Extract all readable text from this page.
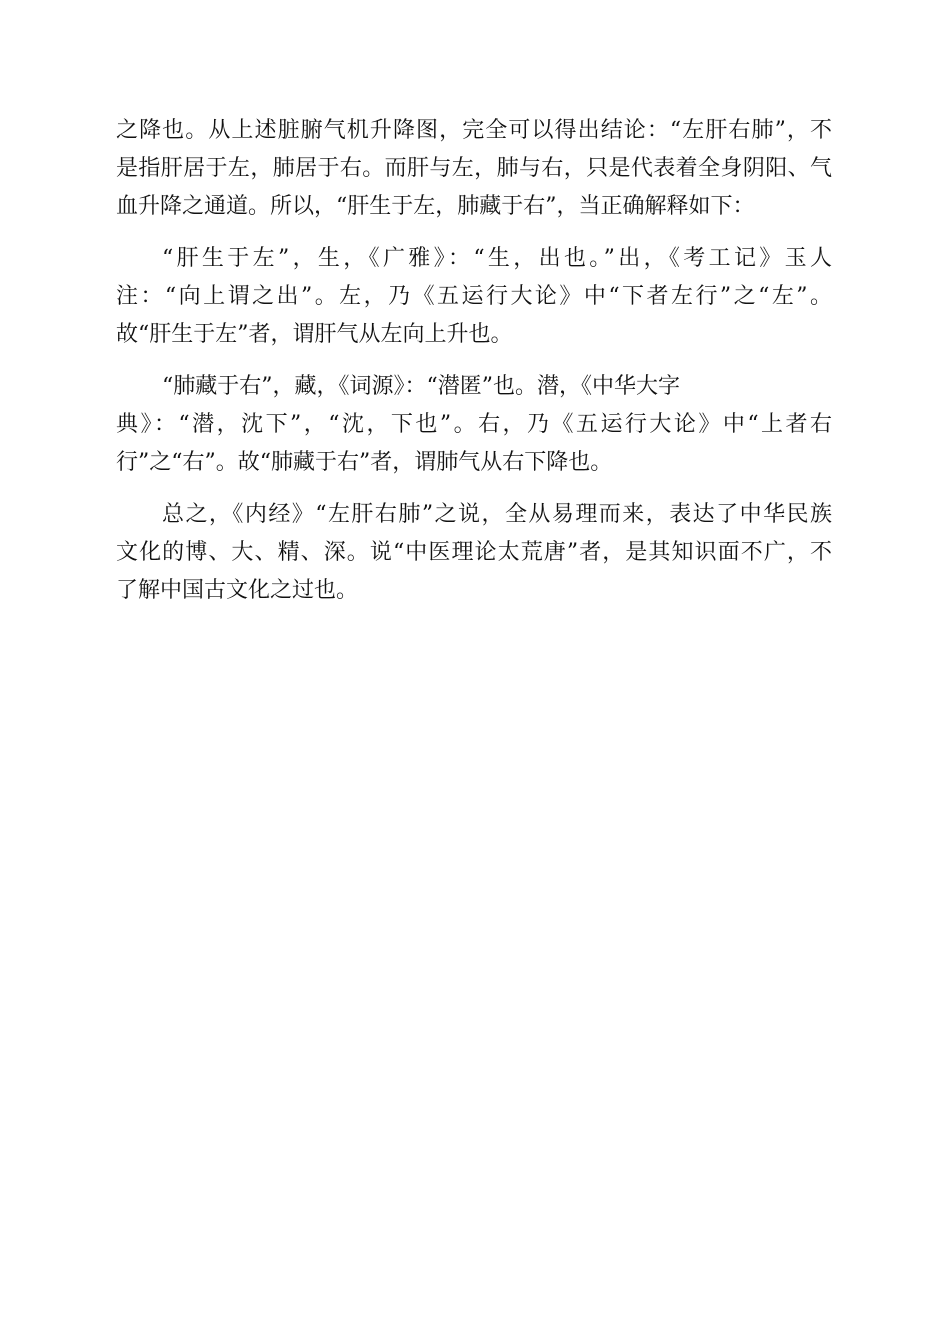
之降也。从上述脏腑气机升降图，完全可以得出结论：“左肝右肺”，不
是指肝居于左，肺居于右。而肝与左，肺与右，只是代表着全身阴阳、气
血升降之通道。所以，“肝生于左，肺藏于右”，当正确解释如下：

“肝生于左”，生，《广雅》：“生，出也。”出，《考工记》玉人
注：“向上谓之出”。左，乃《五运行大论》中“下者左行”之“左”。
故“肝生于左”者，谓肝气从左向上升也。

“肺藏于右”，藏，《词源》：“潜匿”也。潜，《中华大字
典》：“潜，沈下”，“沈，下也”。右，乃《五运行大论》中“上者右
行”之“右”。故“肺藏于右”者，谓肺气从右下降也。

总之，《内经》“左肝右肺”之说，全从易理而来，表达了中华民族
文化的博、大、精、深。说“中医理论太荒唐”者，是其知识面不广，不
了解中国古文化之过也。
